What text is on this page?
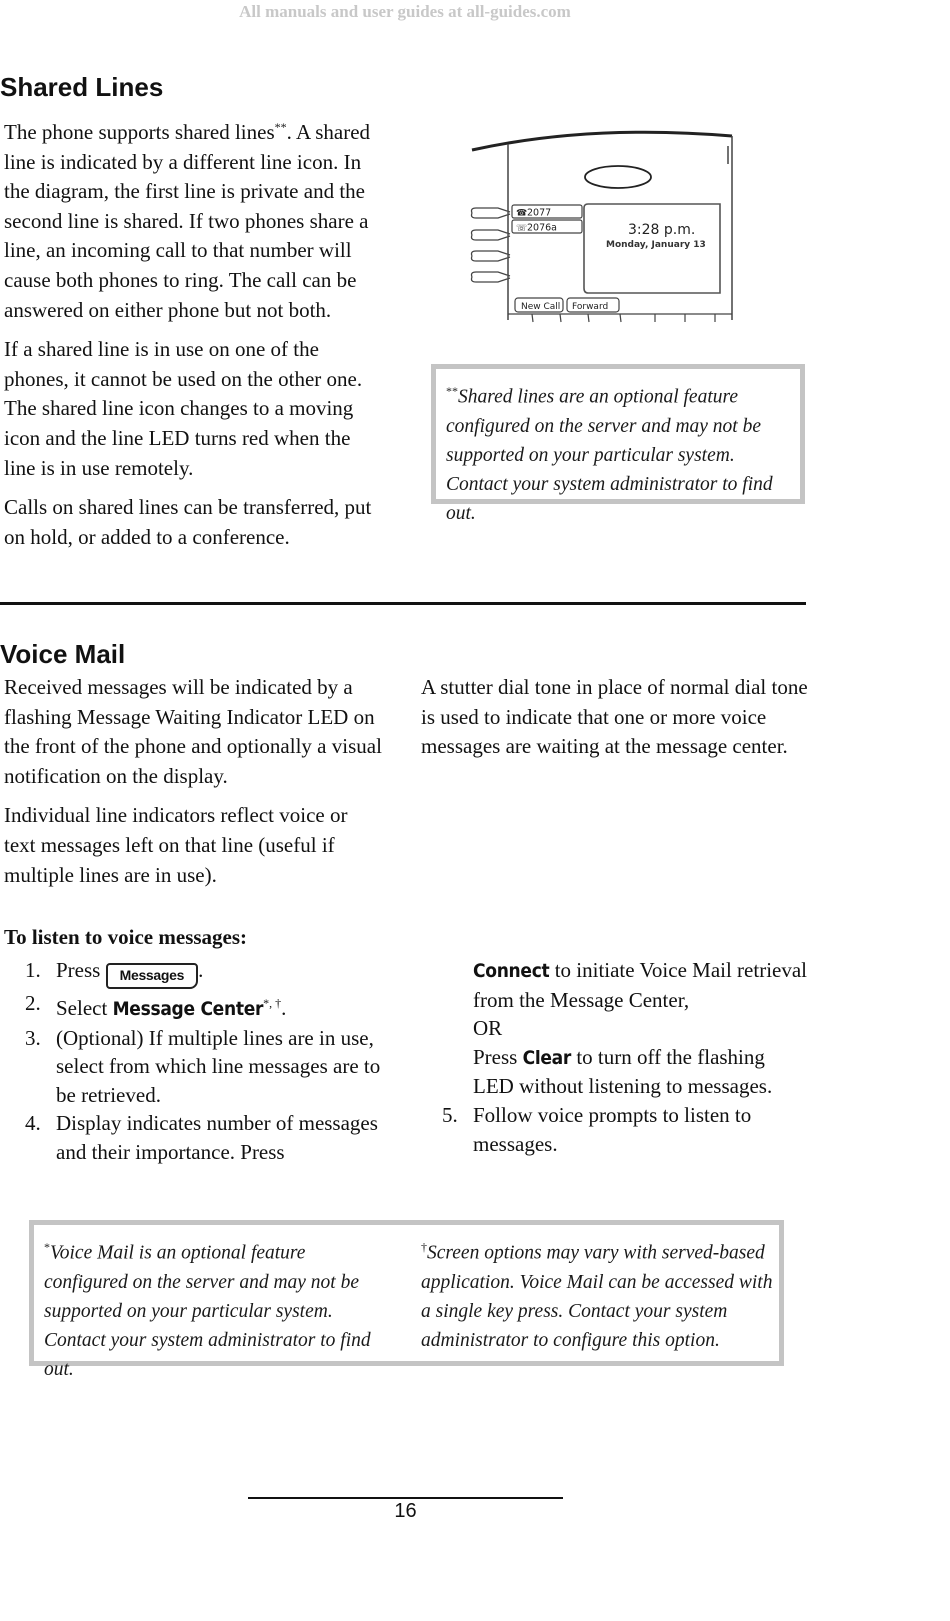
All manuals and user guides at all-guides.com
Shared Lines

The phone supports shared lines**. A shared line is indicated by a different line icon. In the diagram, the first line is private and the second line is shared. If two phones share a line, an incoming call to that number will cause both phones to ring. The call can be answered on either phone but not both.

If a shared line is in use on one of the phones, it cannot be used on the other one. The shared line icon changes to a moving icon and the line LED turns red when the line is in use remotely.

Calls on shared lines can be transferred, put on hold, or added to a conference.

☎ 2077
☏ 2076a	3:28 p.m.
Monday, January 13
New Call Forward
**Shared lines are an optional feature configured on the server and may not be supported on your particular system. Contact your system administrator to find out.
Voice Mail

Received messages will be indicated by a flashing Message Waiting Indicator LED on the front of the phone and optionally a visual notification on the display.

Individual line indicators reflect voice or text messages left on that line (useful if multiple lines are in use).

A stutter dial tone in place of normal dial tone is used to indicate that one or more voice messages are waiting at the message center.

To listen to voice messages:
1. Press Messages .
2. Select Message Center*, †.
3. (Optional) If multiple lines are in use, select from which line messages are to be retrieved.
4. Display indicates number of messages and their importance. Press
Connect to initiate Voice Mail retrieval from the Message Center,
OR
Press Clear to turn off the flashing LED without listening to messages.
5. Follow voice prompts to listen to messages.
*Voice Mail is an optional feature configured on the server and may not be supported on your particular system. Contact your system administrator to find out.
†Screen options may vary with served-based application. Voice Mail can be accessed with a single key press. Contact your system administrator to configure this option.
16
